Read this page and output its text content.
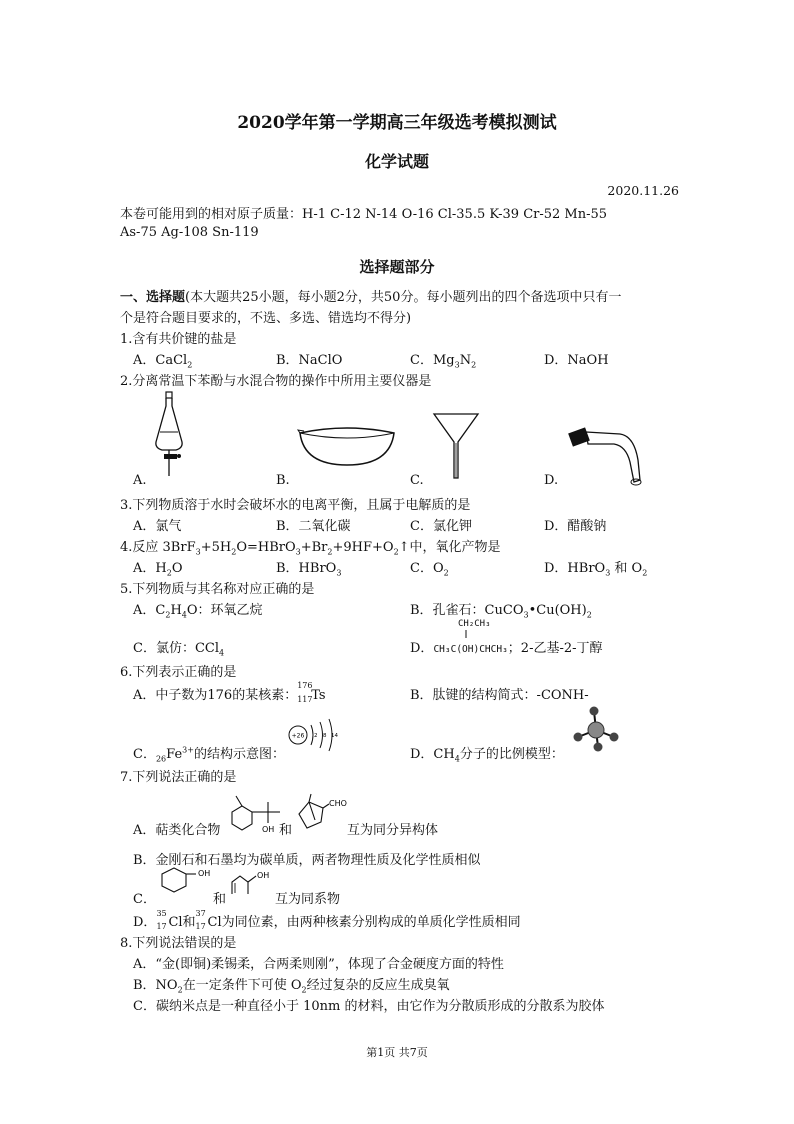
2020学年第一学期高三年级选考模拟测试
化学试题
2020.11.26
本卷可能用到的相对原子质量：H-1 C-12 N-14 O-16 Cl-35.5 K-39 Cr-52 Mn-55
As-75 Ag-108 Sn-119
选择题部分
一、选择题(本大题共25小题，每小题2分，共50分。每小题列出的四个备选项中只有一
个是符合题目要求的，不选、多选、错选均不得分)
1.含有共价键的盐是
A．CaCl$_2$	B．NaClO	C．$Mg_3N_2$	D．NaOH
2.分离常温下苯酚与水混合物的操作中所用主要仪器是
A.	B.	C.	D.
3.下列物质溶于水时会破坏水的电离平衡，且属于电解质的是
A．氯气	B．二氧化碳	C．氯化钾	D．醋酸钠
4.反应 $3BrF_3+5H_2O=HBrO_3+Br_2+9HF+O_2↑$中，氧化产物是
A．$H_2O$	B．HBrO$_3$	C．$O_2$	D．HBrO$_3$ 和 $O_2$
5.下列物质与其名称对应正确的是
A．$C_2H_4O$：环氧乙烷	B．孔雀石：$CuCO_3•Cu(OH)_2$
C．氯仿：CCl$_4$	D．CH₃C(OH)CHCH₃；2-乙基-2-丁醇
CH₂CH₃
6.下列表示正确的是
A．中子数为176的某核素：
176
117
Ts	B．肽键的结构简式：-CONH-
C．$_{26}Fe^{3+}$的结构示意图：
+26 2 8 14
D．$CH_4$分子的比例模型：
7.下列说法正确的是
A．萜类化合物	OH 和
CHO
互为同分异构体
B．金刚石和石墨均为碳单质，两者物理性质及化学性质相似
C．
OH
和
OH
互为同系物
D．
35
17 Cl和
37
17 Cl为同位素，由两种核素分别构成的单质化学性质相同
8.下列说法错误的是
A．“金(即铜)柔锡柔，合两柔则刚”，体现了合金硬度方面的特性
B．$NO_2$在一定条件下可使 $O_2$经过复杂的反应生成臭氧
C．碳纳米点是一种直径小于 10nm 的材料，由它作为分散质形成的分散系为胶体
第1页 共7页
